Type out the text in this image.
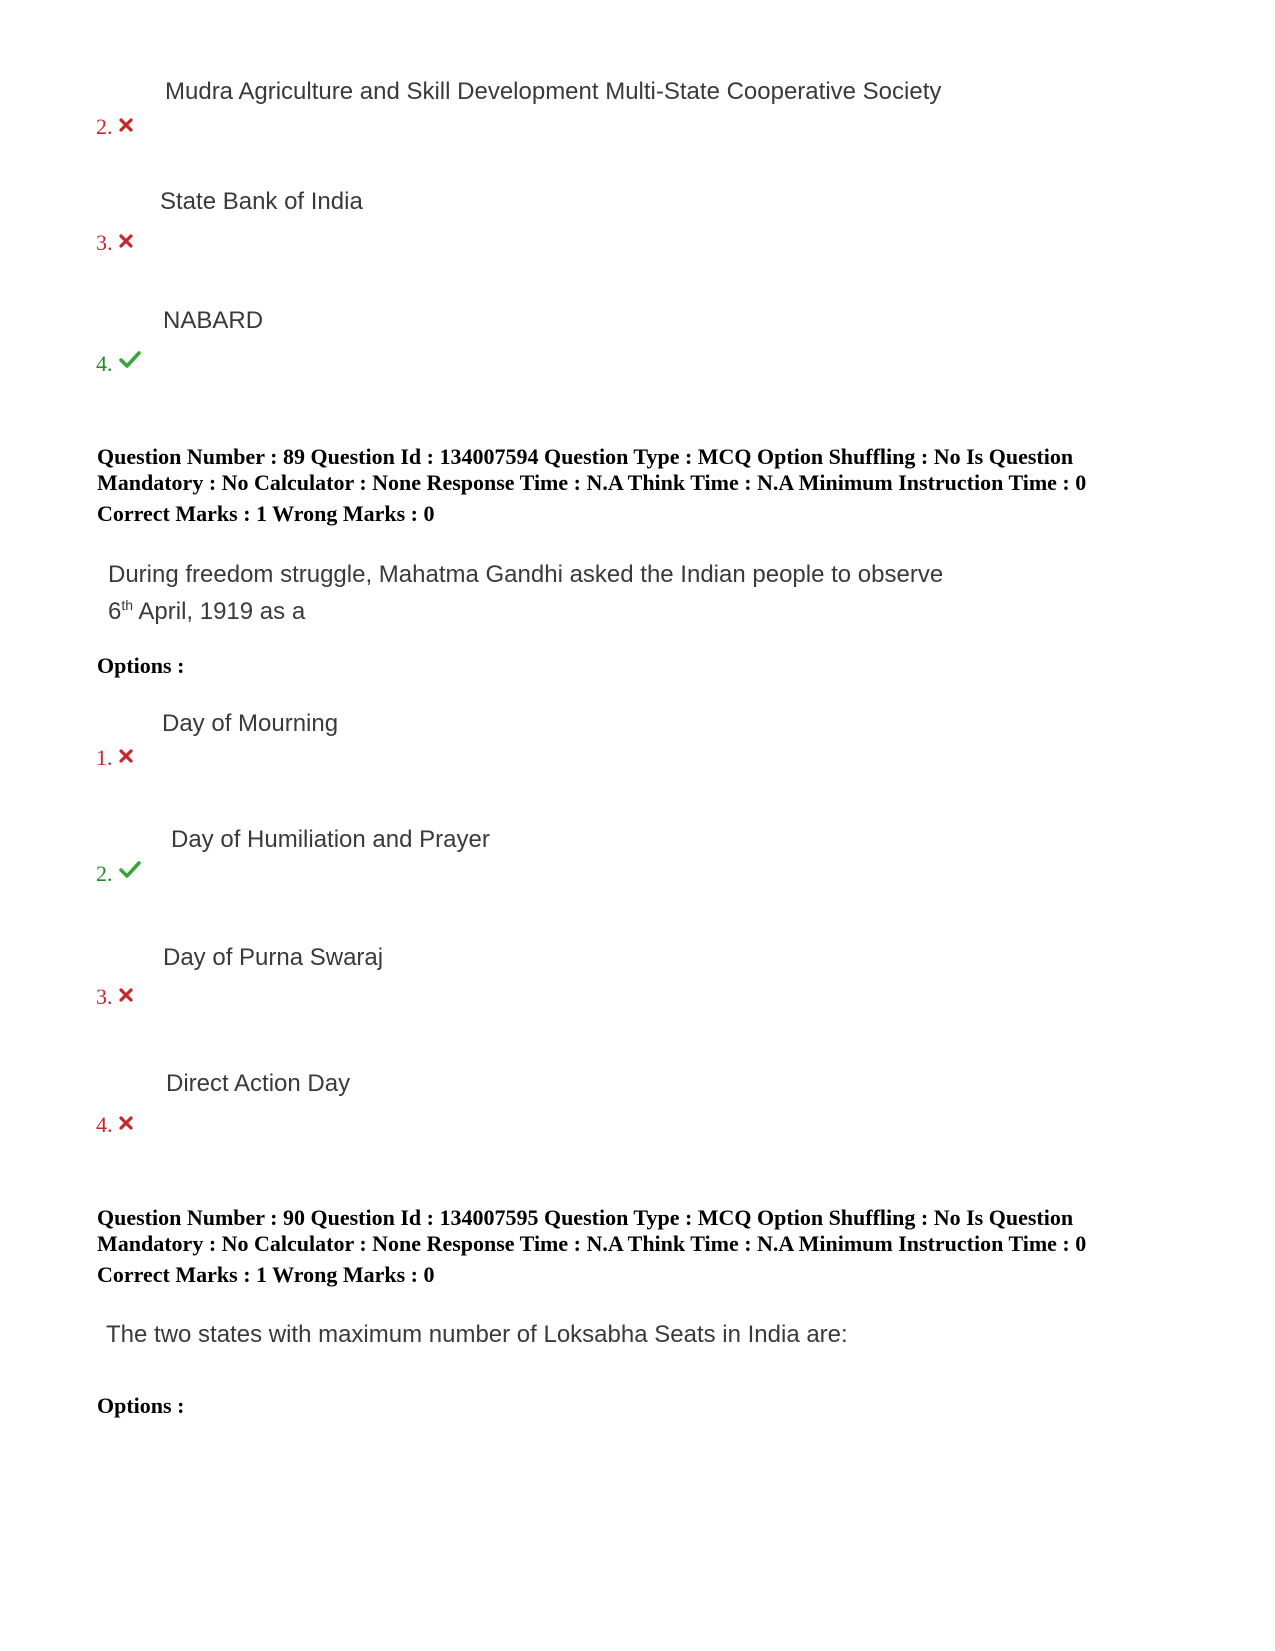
Mudra Agriculture and Skill Development Multi-State Cooperative Society
2.
State Bank of India
3.
NABARD
4.
Question Number : 89 Question Id : 134007594 Question Type : MCQ Option Shuffling : No Is Question
Mandatory : No Calculator : None Response Time : N.A Think Time : N.A Minimum Instruction Time : 0
Correct Marks : 1 Wrong Marks : 0
During freedom struggle, Mahatma Gandhi asked the Indian people to observe
6th April, 1919 as a
Options :
Day of Mourning
1.
Day of Humiliation and Prayer
2.
Day of Purna Swaraj
3.
Direct Action Day
4.
Question Number : 90 Question Id : 134007595 Question Type : MCQ Option Shuffling : No Is Question
Mandatory : No Calculator : None Response Time : N.A Think Time : N.A Minimum Instruction Time : 0
Correct Marks : 1 Wrong Marks : 0
The two states with maximum number of Loksabha Seats in India are:
Options :
